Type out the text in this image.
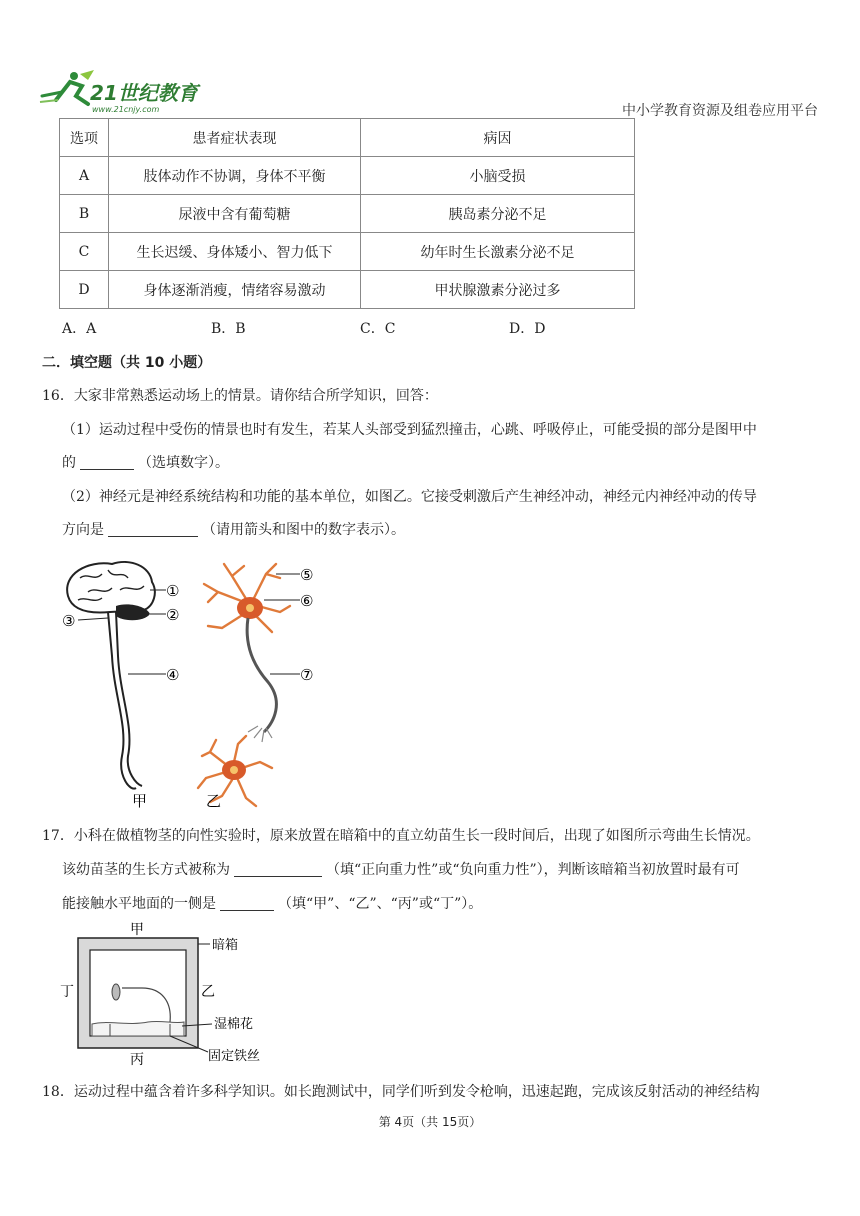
21世纪教育
www.21cnjy.com	中小学教育资源及组卷应用平台
选项	患者症状表现	病因
A	肢体动作不协调，身体不平衡	小脑受损
B	尿液中含有葡萄糖	胰岛素分泌不足
C	生长迟缓、身体矮小、智力低下	幼年时生长激素分泌不足
D	身体逐渐消瘦，情绪容易激动	甲状腺激素分泌过多
A．A	B．B	C．C	D．D
二．填空题（共 10 小题）
16．大家非常熟悉运动场上的情景。请你结合所学知识，回答：
（1）运动过程中受伤的情景也时有发生，若某人头部受到猛烈撞击，心跳、呼吸停止，可能受损的部分是图甲中
的	（选填数字）。
（2）神经元是神经系统结构和功能的基本单位，如图乙。它接受刺激后产生神经冲动，神经元内神经冲动的传导
方向是	（请用箭头和图中的数字表示）。
①
②
③
④
甲
⑤
⑥
⑦
乙
17．小科在做植物茎的向性实验时，原来放置在暗箱中的直立幼苗生长一段时间后，出现了如图所示弯曲生长情况。
该幼苗茎的生长方式被称为	（填“正向重力性”或“负向重力性”），判断该暗箱当初放置时最有可
能接触水平地面的一侧是	（填“甲”、“乙”、“丙”或“丁”）。
甲
乙
丙
丁
暗箱
湿棉花
固定铁丝
18．运动过程中蕴含着许多科学知识。如长跑测试中，同学们听到发令枪响，迅速起跑，完成该反射活动的神经结构
第 4页（共 15页）
